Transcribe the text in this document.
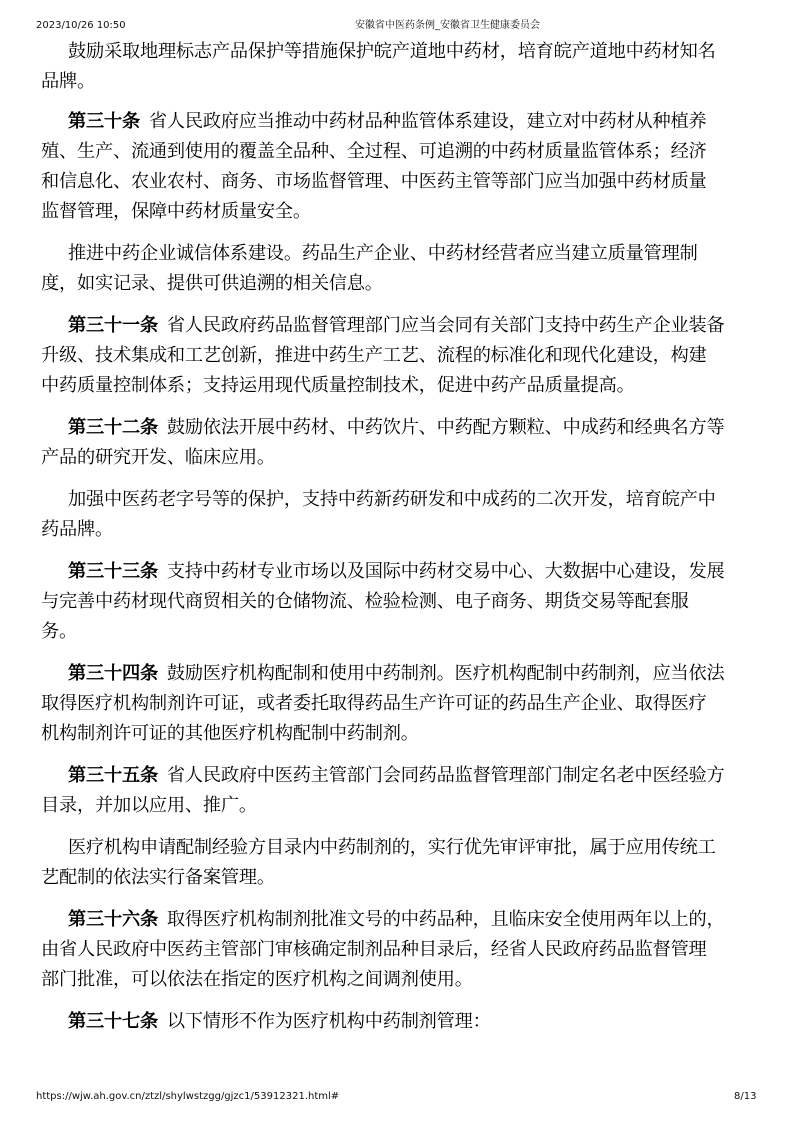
2023/10/26 10:50	安徽省中医药条例_安徽省卫生健康委员会

鼓励采取地理标志产品保护等措施保护皖产道地中药材，培育皖产道地中药材知名
品牌。

第三十条  省人民政府应当推动中药材品种监管体系建设，建立对中药材从种植养
殖、生产、流通到使用的覆盖全品种、全过程、可追溯的中药材质量监管体系；经济
和信息化、农业农村、商务、市场监督管理、中医药主管等部门应当加强中药材质量
监督管理，保障中药材质量安全。

推进中药企业诚信体系建设。药品生产企业、中药材经营者应当建立质量管理制
度，如实记录、提供可供追溯的相关信息。

第三十一条  省人民政府药品监督管理部门应当会同有关部门支持中药生产企业装备
升级、技术集成和工艺创新，推进中药生产工艺、流程的标准化和现代化建设，构建
中药质量控制体系；支持运用现代质量控制技术，促进中药产品质量提高。

第三十二条  鼓励依法开展中药材、中药饮片、中药配方颗粒、中成药和经典名方等
产品的研究开发、临床应用。

加强中医药老字号等的保护，支持中药新药研发和中成药的二次开发，培育皖产中
药品牌。

第三十三条  支持中药材专业市场以及国际中药材交易中心、大数据中心建设，发展
与完善中药材现代商贸相关的仓储物流、检验检测、电子商务、期货交易等配套服
务。

第三十四条  鼓励医疗机构配制和使用中药制剂。医疗机构配制中药制剂，应当依法
取得医疗机构制剂许可证，或者委托取得药品生产许可证的药品生产企业、取得医疗
机构制剂许可证的其他医疗机构配制中药制剂。

第三十五条  省人民政府中医药主管部门会同药品监督管理部门制定名老中医经验方
目录，并加以应用、推广。

医疗机构申请配制经验方目录内中药制剂的，实行优先审评审批，属于应用传统工
艺配制的依法实行备案管理。

第三十六条  取得医疗机构制剂批准文号的中药品种，且临床安全使用两年以上的，
由省人民政府中医药主管部门审核确定制剂品种目录后，经省人民政府药品监督管理
部门批准，可以依法在指定的医疗机构之间调剂使用。

第三十七条  以下情形不作为医疗机构中药制剂管理：

https://wjw.ah.gov.cn/ztzl/shylwstzgg/gjzc1/53912321.html#	8/13
